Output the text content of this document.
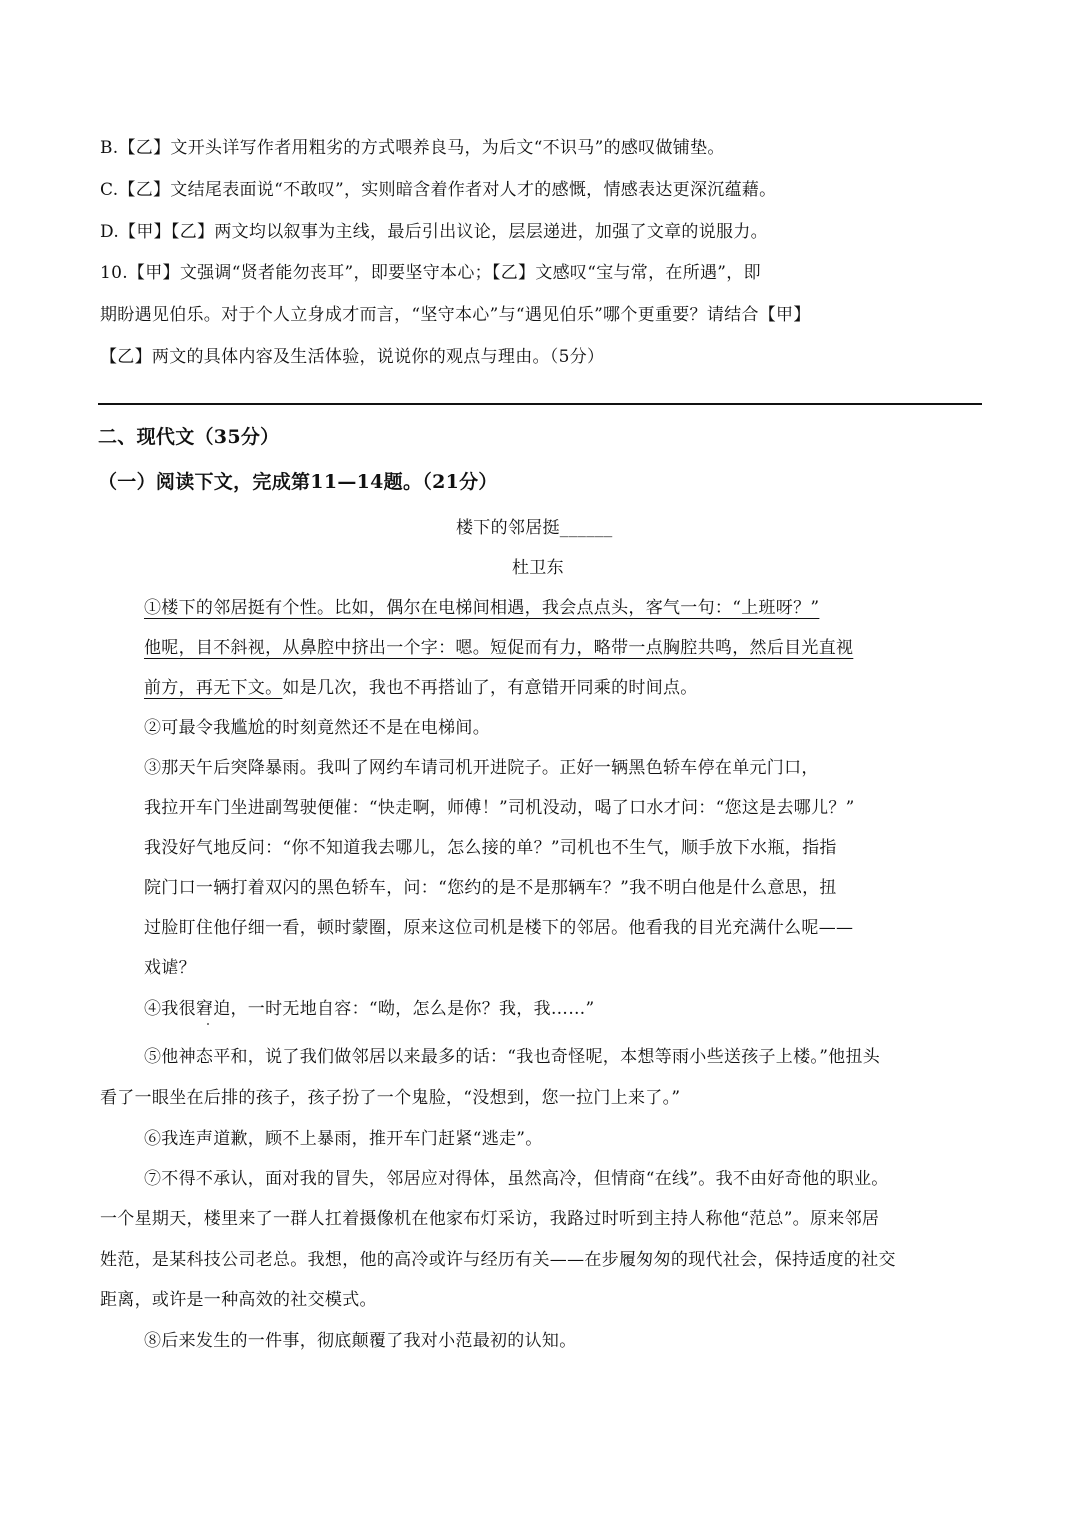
B.【乙】文开头详写作者用粗劣的方式喂养良马，为后文“不识马”的感叹做铺垫。
C.【乙】文结尾表面说“不敢叹”，实则暗含着作者对人才的感慨，情感表达更深沉蕴藉。
D.【甲】【乙】两文均以叙事为主线，最后引出议论，层层递进，加强了文章的说服力。
10.【甲】文强调“贤者能勿丧耳”，即要坚守本心；【乙】文感叹“宝与常，在所遇”，即
期盼遇见伯乐。对于个人立身成才而言，“坚守本心”与“遇见伯乐”哪个更重要？请结合【甲】
【乙】两文的具体内容及生活体验，说说你的观点与理由。（5分）
二、现代文（35分）
（一）阅读下文，完成第11—14题。（21分）
楼下的邻居挺______
杜卫东
①楼下的邻居挺有个性。比如，偶尔在电梯间相遇，我会点点头，客气一句：“上班呀？”
他呢，目不斜视，从鼻腔中挤出一个字：嗯。短促而有力，略带一点胸腔共鸣，然后目光直视
前方，再无下文。如是几次，我也不再搭讪了，有意错开同乘的时间点。
②可最令我尴尬的时刻竟然还不是在电梯间。
③那天午后突降暴雨。我叫了网约车请司机开进院子。正好一辆黑色轿车停在单元门口，
我拉开车门坐进副驾驶便催：“快走啊，师傅！”司机没动，喝了口水才问：“您这是去哪儿？”
我没好气地反问：“你不知道我去哪儿，怎么接的单？”司机也不生气，顺手放下水瓶，指指
院门口一辆打着双闪的黑色轿车，问：“您约的是不是那辆车？”我不明白他是什么意思，扭
过脸盯住他仔细一看，顿时蒙圈，原来这位司机是楼下的邻居。他看我的目光充满什么呢——
戏谑？
④我很窘迫，一时无地自容：“呦，怎么是你？我，我……”
⑤他神态平和，说了我们做邻居以来最多的话：“我也奇怪呢，本想等雨小些送孩子上楼。”他扭头
看了一眼坐在后排的孩子，孩子扮了一个鬼脸，“没想到，您一拉门上来了。”
⑥我连声道歉，顾不上暴雨，推开车门赶紧“逃走”。
⑦不得不承认，面对我的冒失，邻居应对得体，虽然高冷，但情商“在线”。我不由好奇他的职业。
一个星期天，楼里来了一群人扛着摄像机在他家布灯采访，我路过时听到主持人称他“范总”。原来邻居
姓范，是某科技公司老总。我想，他的高冷或许与经历有关——在步履匆匆的现代社会，保持适度的社交
距离，或许是一种高效的社交模式。
⑧后来发生的一件事，彻底颠覆了我对小范最初的认知。
